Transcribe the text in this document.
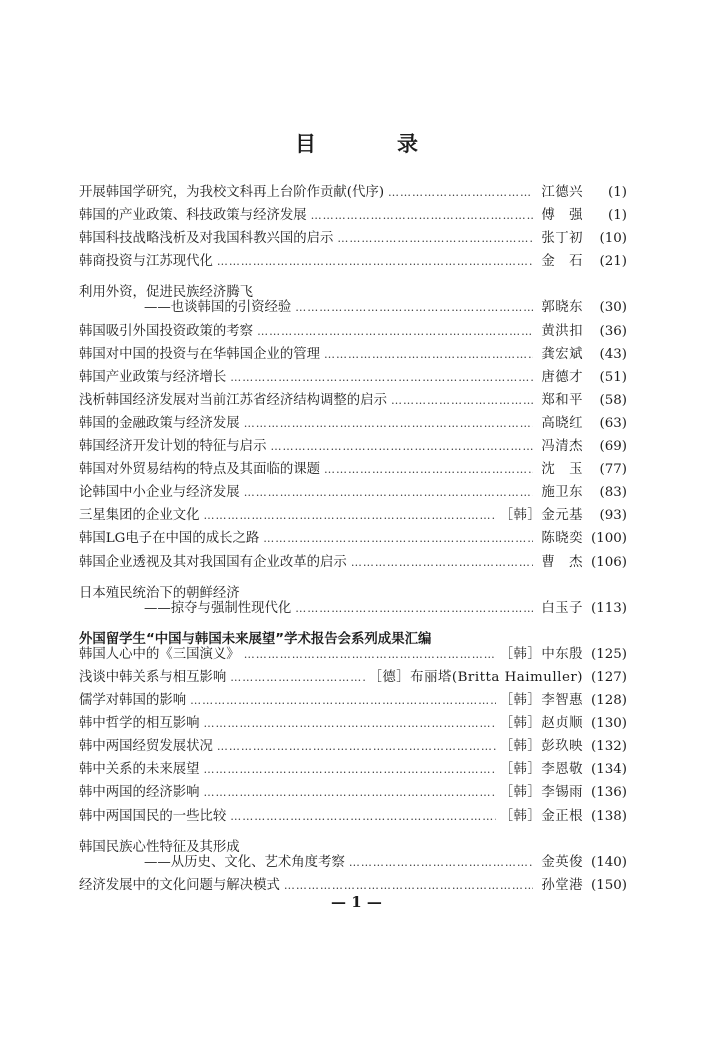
目　录
开展韩国学研究，为我校文科再上台阶作贡献(代序) ……………………………………………………………………………………………………………………………………	江德兴	(1)
韩国的产业政策、科技政策与经济发展 ……………………………………………………………………………………………………………………………………	傅　强	(1)
韩国科技战略浅析及对我国科教兴国的启示 ……………………………………………………………………………………………………………………………………	张丁初	(10)
韩商投资与江苏现代化 ……………………………………………………………………………………………………………………………………	金　石	(21)
利用外资，促进民族经济腾飞
——也谈韩国的引资经验 ……………………………………………………………………………………………………………………………………	郭晓东	(30)
韩国吸引外国投资政策的考察 ……………………………………………………………………………………………………………………………………	黄洪扣	(36)
韩国对中国的投资与在华韩国企业的管理 ……………………………………………………………………………………………………………………………………	龚宏斌	(43)
韩国产业政策与经济增长 ……………………………………………………………………………………………………………………………………	唐德才	(51)
浅析韩国经济发展对当前江苏省经济结构调整的启示 ……………………………………………………………………………………………………………………………………	郑和平	(58)
韩国的金融政策与经济发展 ……………………………………………………………………………………………………………………………………	高晓红	(63)
韩国经济开发计划的特征与启示 ……………………………………………………………………………………………………………………………………	冯清杰	(69)
韩国对外贸易结构的特点及其面临的课题 ……………………………………………………………………………………………………………………………………	沈　玉	(77)
论韩国中小企业与经济发展 ……………………………………………………………………………………………………………………………………	施卫东	(83)
三星集团的企业文化 ……………………………………………………………………………………………………………………………………	［韩］金元基	(93)
韩国LG电子在中国的成长之路 ……………………………………………………………………………………………………………………………………	陈晓奕 (100)
韩国企业透视及其对我国国有企业改革的启示 ……………………………………………………………………………………………………………………………………	曹　杰 (106)
日本殖民统治下的朝鲜经济
——掠夺与强制性现代化 ……………………………………………………………………………………………………………………………………	白玉子 (113)
外国留学生“中国与韩国未来展望”学术报告会系列成果汇编
韩国人心中的《三国演义》 ……………………………………………………………………………………………………………………………………	［韩］中东殷 (125)
浅谈中韩关系与相互影响 ……………………………………………………………………………………………………………………………………	［德］布丽塔(Britta Haimuller) (127)
儒学对韩国的影响 ……………………………………………………………………………………………………………………………………	［韩］李智惠 (128)
韩中哲学的相互影响 ……………………………………………………………………………………………………………………………………	［韩］赵贞顺 (130)
韩中两国经贸发展状况 ……………………………………………………………………………………………………………………………………	［韩］彭玖映 (132)
韩中关系的未来展望 ……………………………………………………………………………………………………………………………………	［韩］李恩敬 (134)
韩中两国的经济影响 ……………………………………………………………………………………………………………………………………	［韩］李锡雨 (136)
韩中两国国民的一些比较 ……………………………………………………………………………………………………………………………………	［韩］金正根 (138)
韩国民族心性特征及其形成
——从历史、文化、艺术角度考察 ……………………………………………………………………………………………………………………………………	金英俊 (140)
经济发展中的文化问题与解决模式 ……………………………………………………………………………………………………………………………………	孙堂港 (150)
— 1 —
